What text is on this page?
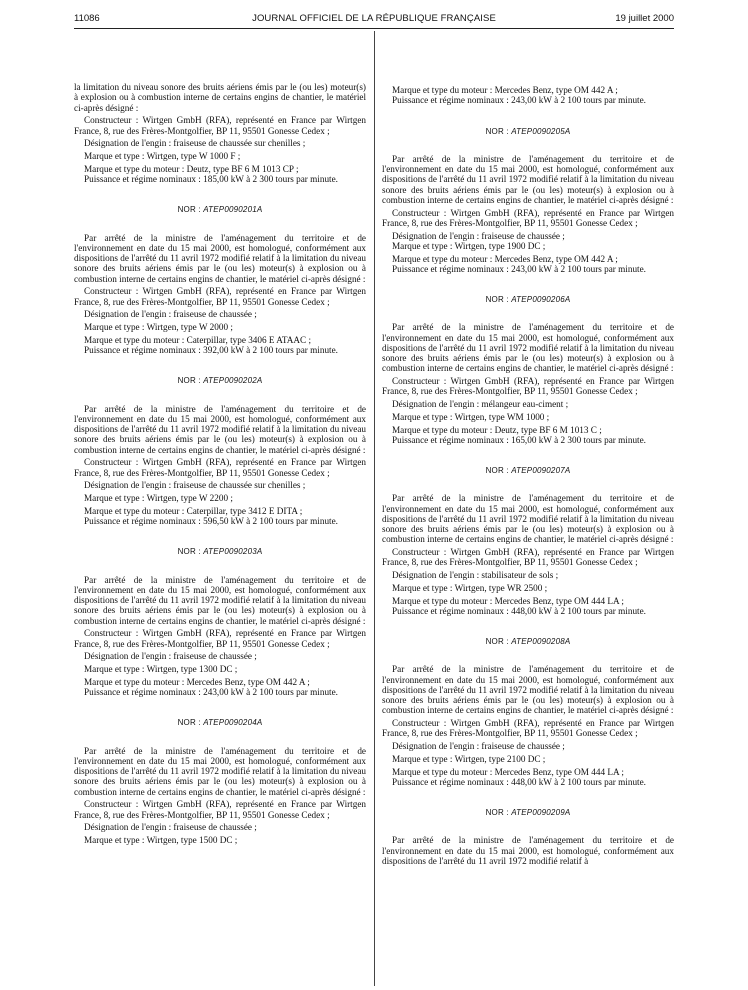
11086	JOURNAL OFFICIEL DE LA RÉPUBLIQUE FRANÇAISE	19 juillet 2000

la limitation du niveau sonore des bruits aériens émis par le (ou les) moteur(s) à explosion ou à combustion interne de certains engins de chantier, le matériel ci-après désigné :

Constructeur : Wirtgen GmbH (RFA), représenté en France par Wirtgen France, 8, rue des Frères-Montgolfier, BP 11, 95501 Gonesse Cedex ;

Désignation de l'engin : fraiseuse de chaussée sur chenilles ;

Marque et type : Wirtgen, type W 1000 F ;

Marque et type du moteur : Deutz, type BF 6 M 1013 CP ;

Puissance et régime nominaux : 185,00 kW à 2 300 tours par minute.

NOR : ATEP0090201A

Par arrêté de la ministre de l'aménagement du territoire et de l'environnement en date du 15 mai 2000, est homologué, conformément aux dispositions de l'arrêté du 11 avril 1972 modifié relatif à la limitation du niveau sonore des bruits aériens émis par le (ou les) moteur(s) à explosion ou à combustion interne de certains engins de chantier, le matériel ci-après désigné :

Constructeur : Wirtgen GmbH (RFA), représenté en France par Wirtgen France, 8, rue des Frères-Montgolfier, BP 11, 95501 Gonesse Cedex ;

Désignation de l'engin : fraiseuse de chaussée ;

Marque et type : Wirtgen, type W 2000 ;

Marque et type du moteur : Caterpillar, type 3406 E ATAAC ;

Puissance et régime nominaux : 392,00 kW à 2 100 tours par minute.

NOR : ATEP0090202A

Par arrêté de la ministre de l'aménagement du territoire et de l'environnement en date du 15 mai 2000, est homologué, conformément aux dispositions de l'arrêté du 11 avril 1972 modifié relatif à la limitation du niveau sonore des bruits aériens émis par le (ou les) moteur(s) à explosion ou à combustion interne de certains engins de chantier, le matériel ci-après désigné :

Constructeur : Wirtgen GmbH (RFA), représenté en France par Wirtgen France, 8, rue des Frères-Montgolfier, BP 11, 95501 Gonesse Cedex ;

Désignation de l'engin : fraiseuse de chaussée sur chenilles ;

Marque et type : Wirtgen, type W 2200 ;

Marque et type du moteur : Caterpillar, type 3412 E DITA ;

Puissance et régime nominaux : 596,50 kW à 2 100 tours par minute.

NOR : ATEP0090203A

Par arrêté de la ministre de l'aménagement du territoire et de l'environnement en date du 15 mai 2000, est homologué, conformément aux dispositions de l'arrêté du 11 avril 1972 modifié relatif à la limitation du niveau sonore des bruits aériens émis par le (ou les) moteur(s) à explosion ou à combustion interne de certains engins de chantier, le matériel ci-après désigné :

Constructeur : Wirtgen GmbH (RFA), représenté en France par Wirtgen France, 8, rue des Frères-Montgolfier, BP 11, 95501 Gonesse Cedex ;

Désignation de l'engin : fraiseuse de chaussée ;

Marque et type : Wirtgen, type 1300 DC ;

Marque et type du moteur : Mercedes Benz, type OM 442 A ;

Puissance et régime nominaux : 243,00 kW à 2 100 tours par minute.

NOR : ATEP0090204A

Par arrêté de la ministre de l'aménagement du territoire et de l'environnement en date du 15 mai 2000, est homologué, conformément aux dispositions de l'arrêté du 11 avril 1972 modifié relatif à la limitation du niveau sonore des bruits aériens émis par le (ou les) moteur(s) à explosion ou à combustion interne de certains engins de chantier, le matériel ci-après désigné :

Constructeur : Wirtgen GmbH (RFA), représenté en France par Wirtgen France, 8, rue des Frères-Montgolfier, BP 11, 95501 Gonesse Cedex ;

Désignation de l'engin : fraiseuse de chaussée ;

Marque et type : Wirtgen, type 1500 DC ;

Marque et type du moteur : Mercedes Benz, type OM 442 A ;

Puissance et régime nominaux : 243,00 kW à 2 100 tours par minute.

NOR : ATEP0090205A

Par arrêté de la ministre de l'aménagement du territoire et de l'environnement en date du 15 mai 2000, est homologué, conformément aux dispositions de l'arrêté du 11 avril 1972 modifié relatif à la limitation du niveau sonore des bruits aériens émis par le (ou les) moteur(s) à explosion ou à combustion interne de certains engins de chantier, le matériel ci-après désigné :

Constructeur : Wirtgen GmbH (RFA), représenté en France par Wirtgen France, 8, rue des Frères-Montgolfier, BP 11, 95501 Gonesse Cedex ;

Désignation de l'engin : fraiseuse de chaussée ;

Marque et type : Wirtgen, type 1900 DC ;

Marque et type du moteur : Mercedes Benz, type OM 442 A ;

Puissance et régime nominaux : 243,00 kW à 2 100 tours par minute.

NOR : ATEP0090206A

Par arrêté de la ministre de l'aménagement du territoire et de l'environnement en date du 15 mai 2000, est homologué, conformément aux dispositions de l'arrêté du 11 avril 1972 modifié relatif à la limitation du niveau sonore des bruits aériens émis par le (ou les) moteur(s) à explosion ou à combustion interne de certains engins de chantier, le matériel ci-après désigné :

Constructeur : Wirtgen GmbH (RFA), représenté en France par Wirtgen France, 8, rue des Frères-Montgolfier, BP 11, 95501 Gonesse Cedex ;

Désignation de l'engin : mélangeur eau-ciment ;

Marque et type : Wirtgen, type WM 1000 ;

Marque et type du moteur : Deutz, type BF 6 M 1013 C ;

Puissance et régime nominaux : 165,00 kW à 2 300 tours par minute.

NOR : ATEP0090207A

Par arrêté de la ministre de l'aménagement du territoire et de l'environnement en date du 15 mai 2000, est homologué, conformément aux dispositions de l'arrêté du 11 avril 1972 modifié relatif à la limitation du niveau sonore des bruits aériens émis par le (ou les) moteur(s) à explosion ou à combustion interne de certains engins de chantier, le matériel ci-après désigné :

Constructeur : Wirtgen GmbH (RFA), représenté en France par Wirtgen France, 8, rue des Frères-Montgolfier, BP 11, 95501 Gonesse Cedex ;

Désignation de l'engin : stabilisateur de sols ;

Marque et type : Wirtgen, type WR 2500 ;

Marque et type du moteur : Mercedes Benz, type OM 444 LA ;

Puissance et régime nominaux : 448,00 kW à 2 100 tours par minute.

NOR : ATEP0090208A

Par arrêté de la ministre de l'aménagement du territoire et de l'environnement en date du 15 mai 2000, est homologué, conformément aux dispositions de l'arrêté du 11 avril 1972 modifié relatif à la limitation du niveau sonore des bruits aériens émis par le (ou les) moteur(s) à explosion ou à combustion interne de certains engins de chantier, le matériel ci-après désigné :

Constructeur : Wirtgen GmbH (RFA), représenté en France par Wirtgen France, 8, rue des Frères-Montgolfier, BP 11, 95501 Gonesse Cedex ;

Désignation de l'engin : fraiseuse de chaussée ;

Marque et type : Wirtgen, type 2100 DC ;

Marque et type du moteur : Mercedes Benz, type OM 444 LA ;

Puissance et régime nominaux : 448,00 kW à 2 100 tours par minute.

NOR : ATEP0090209A

Par arrêté de la ministre de l'aménagement du territoire et de l'environnement en date du 15 mai 2000, est homologué, conformément aux dispositions de l'arrêté du 11 avril 1972 modifié relatif à
